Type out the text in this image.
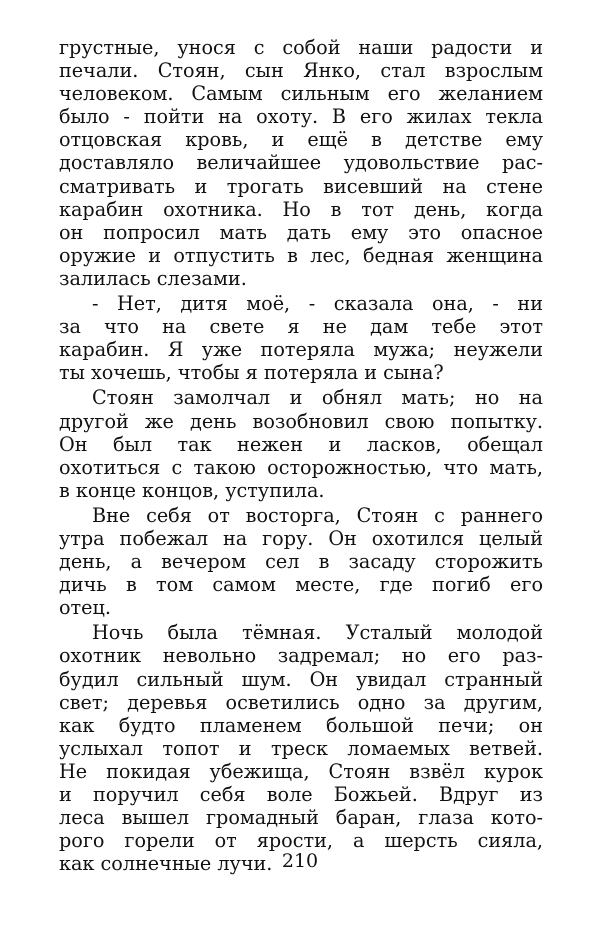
грустные, унося с собой наши радости и
печали. Стоян, сын Янко, стал взрослым
человеком. Самым сильным его желанием
было - пойти на охоту. В его жилах текла
отцовская кровь, и ещё в детстве ему
доставляло величайшее удовольствие рас-
сматривать и трогать висевший на стене
карабин охотника. Но в тот день, когда
он попросил мать дать ему это опасное
оружие и отпустить в лес, бедная женщина
залилась слезами.

- Нет, дитя моё, - сказала она, - ни
за что на свете я не дам тебе этот
карабин. Я уже потеряла мужа; неужели
ты хочешь, чтобы я потеряла и сына?

Стоян замолчал и обнял мать; но на
другой же день возобновил свою попытку.
Он был так нежен и ласков, обещал
охотиться с такою осторожностью, что мать,
в конце концов, уступила.

Вне себя от восторга, Стоян с раннего
утра побежал на гору. Он охотился целый
день, а вечером сел в засаду сторожить
дичь в том самом месте, где погиб его
отец.

Ночь была тёмная. Усталый молодой
охотник невольно задремал; но его раз-
будил сильный шум. Он увидал странный
свет; деревья осветились одно за другим,
как будто пламенем большой печи; он
услыхал топот и треск ломаемых ветвей.
Не покидая убежища, Стоян взвёл курок
и поручил себя воле Божьей. Вдруг из
леса вышел громадный баран, глаза кото-
рого горели от ярости, а шерсть сияла,
как солнечные лучи. 210
